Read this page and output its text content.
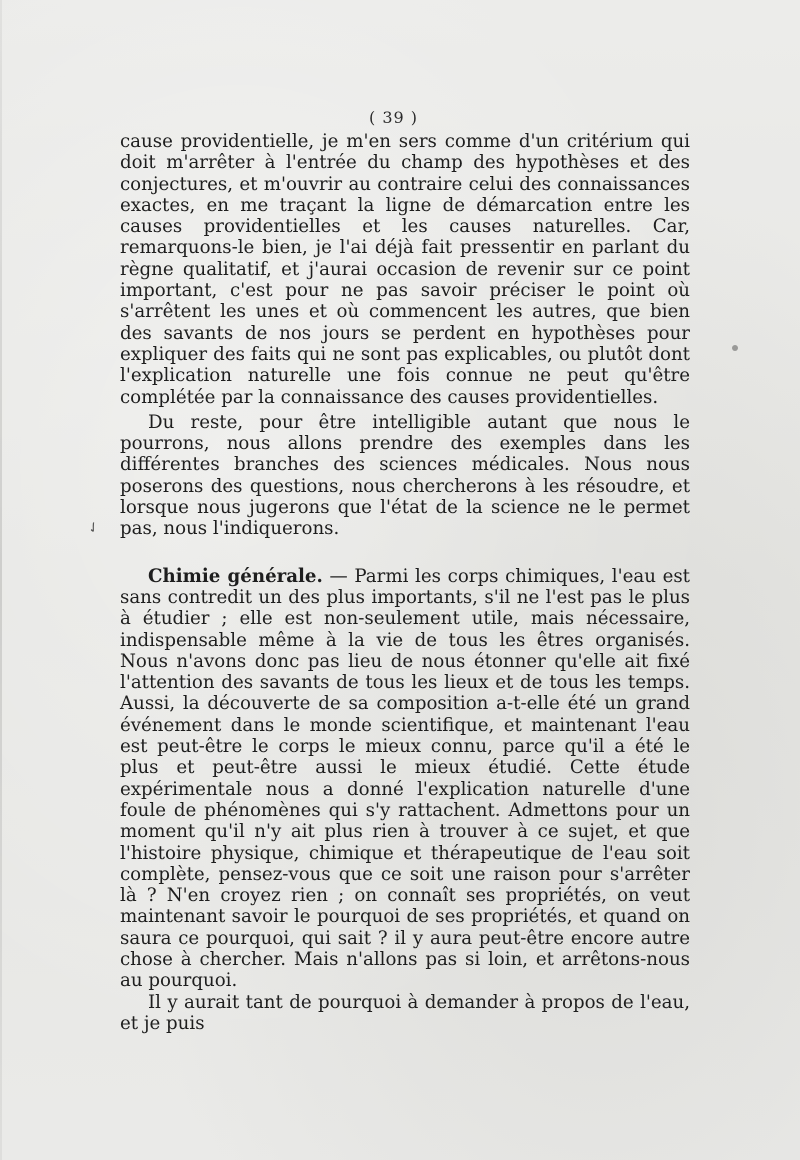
( 39 )

cause providentielle, je m'en sers comme d'un critérium qui doit m'arrêter à l'entrée du champ des hypothèses et des conjectures, et m'ouvrir au contraire celui des connaissances exactes, en me traçant la ligne de démarcation entre les causes providentielles et les causes naturelles. Car, remarquons-le bien, je l'ai déjà fait pressentir en parlant du règne qualitatif, et j'aurai occasion de revenir sur ce point important, c'est pour ne pas savoir préciser le point où s'arrêtent les unes et où commencent les autres, que bien des savants de nos jours se perdent en hypothèses pour expliquer des faits qui ne sont pas explicables, ou plutôt dont l'explication naturelle une fois connue ne peut qu'être complétée par la connaissance des causes providentielles.

Du reste, pour être intelligible autant que nous le pourrons, nous allons prendre des exemples dans les différentes branches des sciences médicales. Nous nous poserons des questions, nous chercherons à les résoudre, et lorsque nous jugerons que l'état de la science ne le permet pas, nous l'indiquerons.

Chimie générale. — Parmi les corps chimiques, l'eau est sans contredit un des plus importants, s'il ne l'est pas le plus à étudier ; elle est non-seulement utile, mais nécessaire, indispensable même à la vie de tous les êtres organisés. Nous n'avons donc pas lieu de nous étonner qu'elle ait fixé l'attention des savants de tous les lieux et de tous les temps. Aussi, la découverte de sa composition a-t-elle été un grand événement dans le monde scientifique, et maintenant l'eau est peut-être le corps le mieux connu, parce qu'il a été le plus et peut-être aussi le mieux étudié. Cette étude expérimentale nous a donné l'explication naturelle d'une foule de phénomènes qui s'y rattachent. Admettons pour un moment qu'il n'y ait plus rien à trouver à ce sujet, et que l'histoire physique, chimique et thérapeutique de l'eau soit complète, pensez-vous que ce soit une raison pour s'arrêter là ? N'en croyez rien ; on connaît ses propriétés, on veut maintenant savoir le pourquoi de ses propriétés, et quand on saura ce pourquoi, qui sait ? il y aura peut-être encore autre chose à chercher. Mais n'allons pas si loin, et arrêtons-nous au pourquoi.

Il y aurait tant de pourquoi à demander à propos de l'eau, et je puis

✓
